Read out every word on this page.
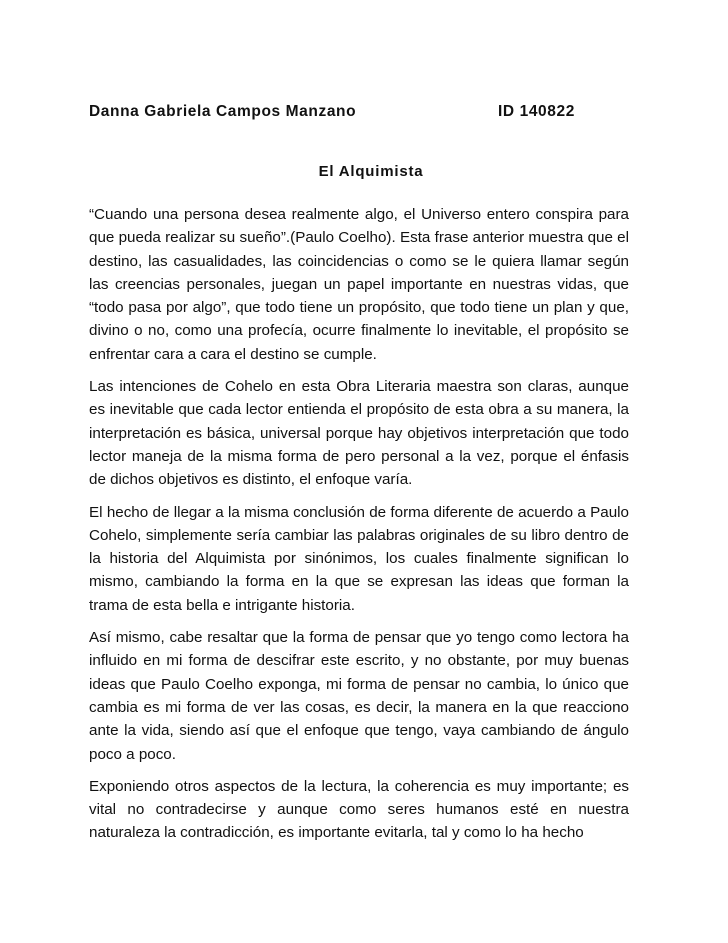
Danna Gabriela Campos Manzano	ID 140822
El Alquimista

“Cuando una persona desea realmente algo, el Universo entero conspira para que pueda realizar su sueño”.(Paulo Coelho). Esta frase anterior muestra que el destino, las casualidades, las coincidencias o como se le quiera llamar según las creencias personales, juegan un papel importante en nuestras vidas, que “todo pasa por algo”, que todo tiene un propósito, que todo tiene un plan y que, divino o no, como una profecía, ocurre finalmente lo inevitable, el propósito se enfrentar cara a cara el destino se cumple.

Las intenciones de Cohelo en esta Obra Literaria maestra son claras, aunque es inevitable que cada lector entienda el propósito de esta obra a su manera, la interpretación es básica, universal porque hay objetivos interpretación que todo lector maneja de la misma forma de pero personal a la vez, porque el énfasis de dichos objetivos es distinto, el enfoque varía.

El hecho de llegar a la misma conclusión de forma diferente de acuerdo a Paulo Cohelo, simplemente sería cambiar las palabras originales de su libro dentro de la historia del Alquimista por sinónimos, los cuales finalmente significan lo mismo, cambiando la forma en la que se expresan las ideas que forman la trama de esta bella e intrigante historia.

Así mismo, cabe resaltar que la forma de pensar que yo tengo como lectora ha influido en mi forma de descifrar este escrito, y no obstante, por muy buenas ideas que Paulo Coelho exponga, mi forma de pensar no cambia, lo único que cambia es mi forma de ver las cosas, es decir, la manera en la que reacciono ante la vida, siendo así que el enfoque que tengo, vaya cambiando de ángulo poco a poco.

Exponiendo otros aspectos de la lectura, la coherencia es muy importante; es vital no contradecirse y aunque como seres humanos esté en nuestra naturaleza la contradicción, es importante evitarla, tal y como lo ha hecho
